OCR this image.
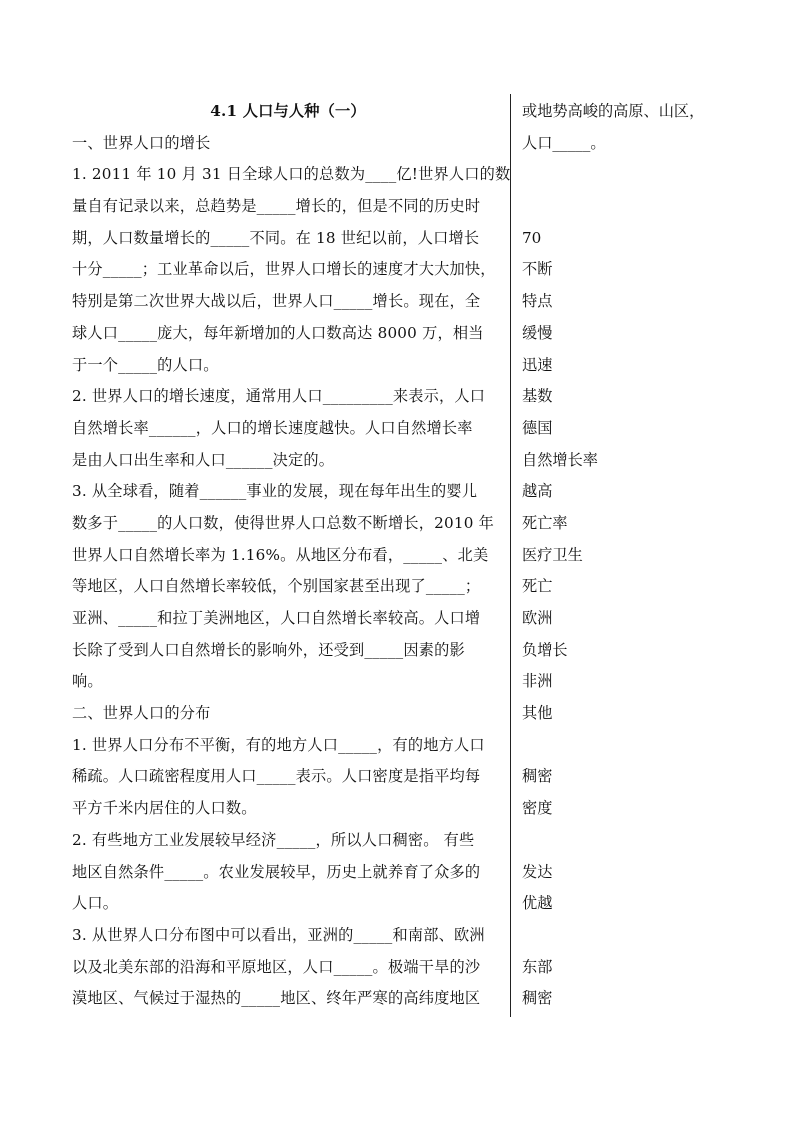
4.1 人口与人种（一）
一、世界人口的增长
1. 2011 年 10 月 31 日全球人口的总数为____亿!世界人口的数
量自有记录以来，总趋势是_____增长的，但是不同的历史时
期，人口数量增长的_____不同。在 18 世纪以前，人口增长
十分_____；工业革命以后，世界人口增长的速度才大大加快，
特别是第二次世界大战以后，世界人口_____增长。现在，全
球人口_____庞大，每年新增加的人口数高达 8000 万，相当
于一个_____的人口。
2. 世界人口的增长速度，通常用人口_________来表示，人口
自然增长率______，人口的增长速度越快。人口自然增长率
是由人口出生率和人口______决定的。
3. 从全球看，随着______事业的发展，现在每年出生的婴儿
数多于_____的人口数，使得世界人口总数不断增长，2010 年
世界人口自然增长率为 1.16%。从地区分布看，_____、北美
等地区，人口自然增长率较低，个别国家甚至出现了_____；
亚洲、_____和拉丁美洲地区，人口自然增长率较高。人口增
长除了受到人口自然增长的影响外，还受到_____因素的影
响。
二、世界人口的分布
1. 世界人口分布不平衡，有的地方人口_____，有的地方人口
稀疏。人口疏密程度用人口_____表示。人口密度是指平均每
平方千米内居住的人口数。
2. 有些地方工业发展较早经济_____，所以人口稠密。 有些
地区自然条件_____。农业发展较早，历史上就养育了众多的
人口。
3. 从世界人口分布图中可以看出，亚洲的_____和南部、欧洲
以及北美东部的沿海和平原地区，人口_____。极端干旱的沙
漠地区、气候过于湿热的_____地区、终年严寒的高纬度地区
或地势高峻的高原、山区，
人口_____。
70
不断
特点
缓慢
迅速
基数
德国
自然增长率
越高
死亡率
医疗卫生
死亡
欧洲
负增长
非洲
其他
稠密
密度
发达
优越
东部
稠密
